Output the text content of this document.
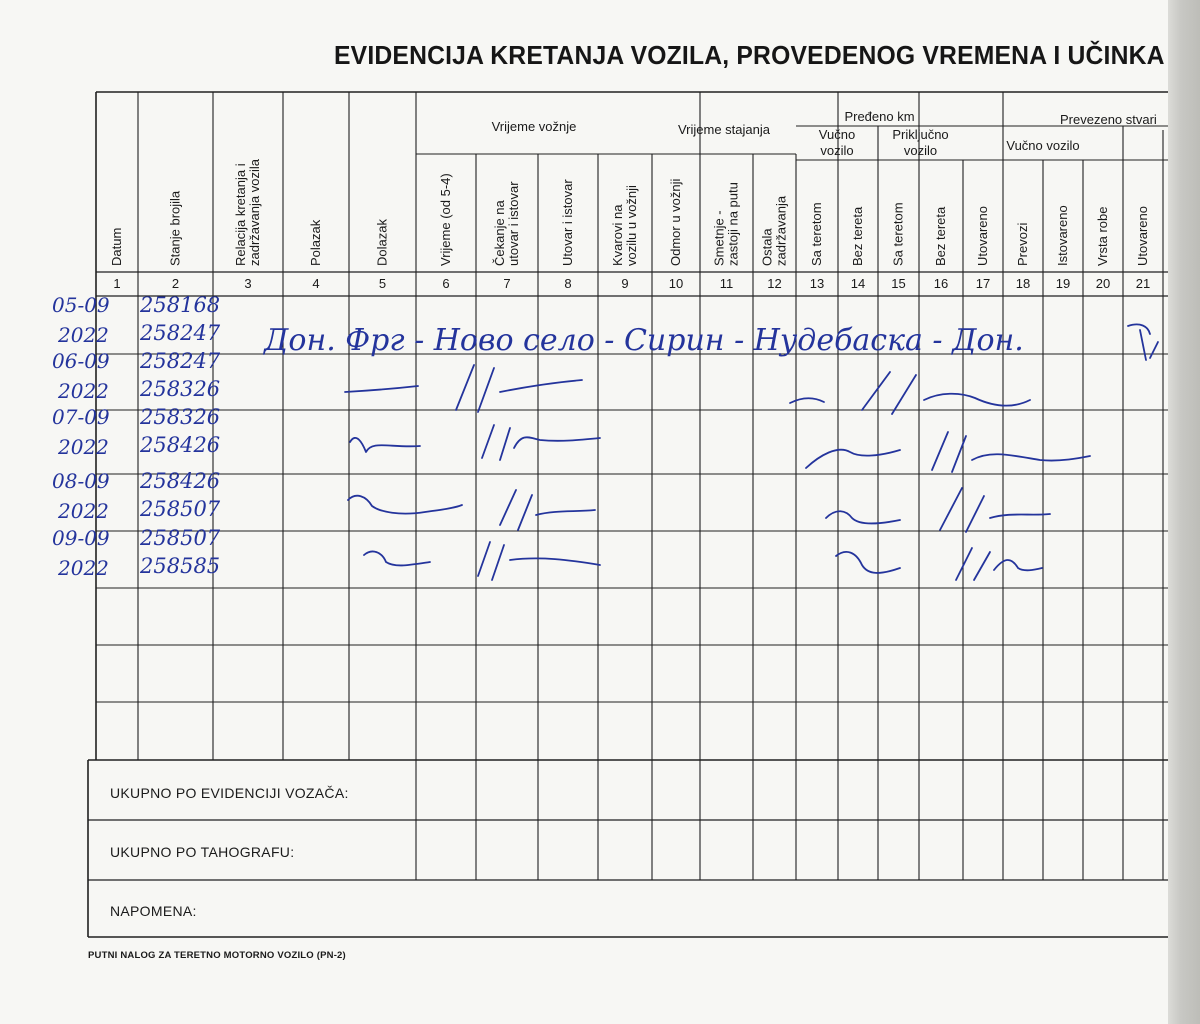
EVIDENCIJA KRETANJA VOZILA, PROVEDENOG VREMENA I UČINKA
Vrijeme vožnje	Vrijeme stajanja
Pređeno km
Vučno
vozilo
Priključno
vozilo
Prevezeno stvari
Vučno vozilo
1
Datum
2
Stanje brojila
3
Relacija kretanja i zadržavanja vozila
4
Polazak
5
Dolazak
6
Vrijeme (od 5-4)
7
Čekanje na utovar i istovar
8
Utovar i istovar
9
Kvarovi na vozilu u vožnji
10
Odmor u vožnji
11
Smetnje - zastoji na putu
12
Ostala zadržavanja
13
Sa teretom
14
Bez tereta
15
Sa teretom
16
Bez tereta
17
Utovareno
18
Prevozi
19
Istovareno
20
Vrsta robe
21
Utovareno
05-09
2022
258168
258247
06-09
2022
258247
258326
07-09
2022
258326
258426
08-09
2022
258426
258507
09-09
2022
258507
258585
Дон. Фрг - Ново село - Сирин - Нудебаска - Дон.
UKUPNO PO EVIDENCIJI VOZAČA:
UKUPNO PO TAHOGRAFU:
NAPOMENA:
PUTNI NALOG ZA TERETNO MOTORNO VOZILO (PN-2)
